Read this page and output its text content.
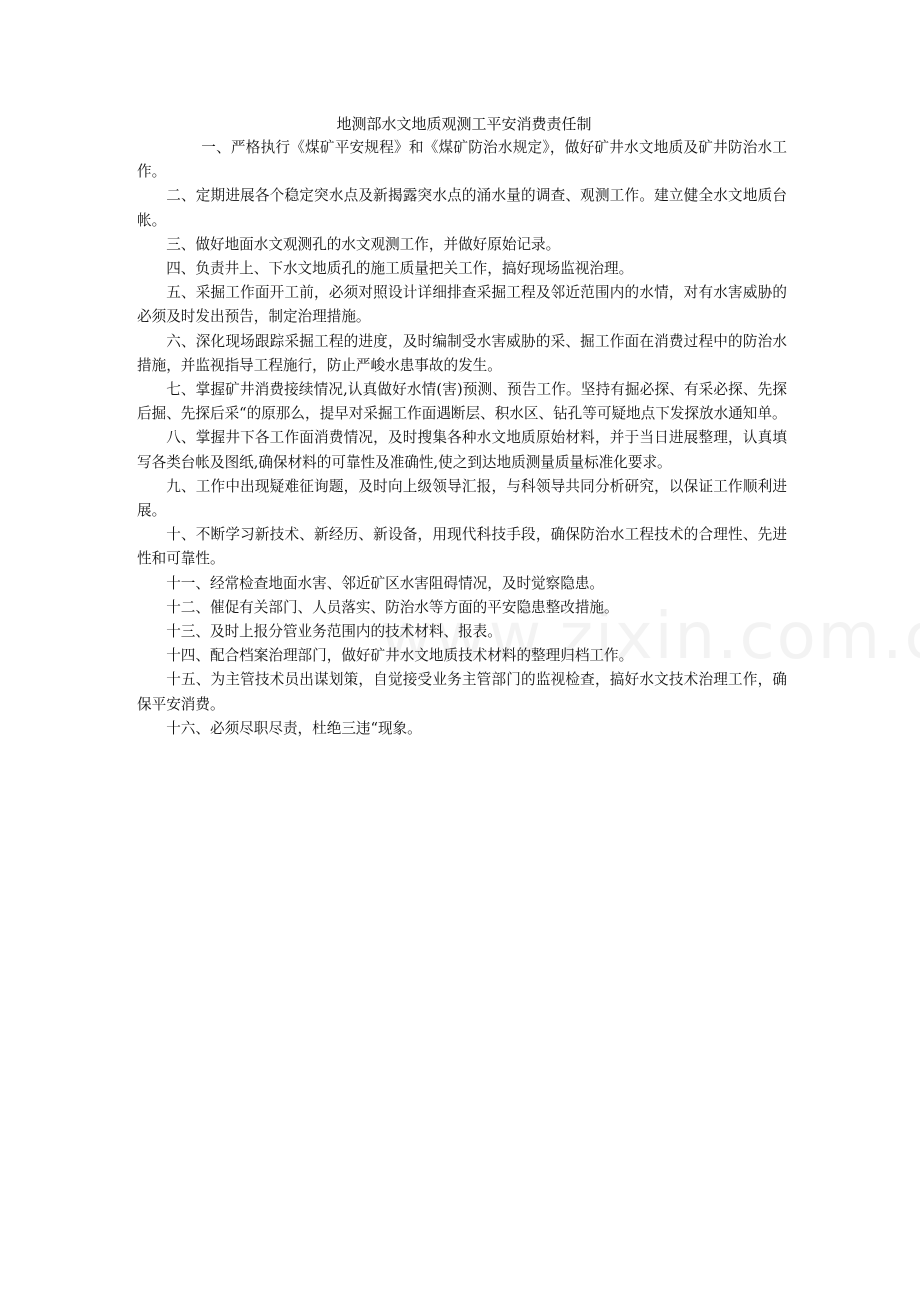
地测部水文地质观测工平安消费责任制

一、严格执行《煤矿平安规程》和《煤矿防治水规定》，做好矿井水文地质及矿井防治水工作。

二、定期进展各个稳定突水点及新揭露突水点的涌水量的调查、观测工作。建立健全水文地质台帐。

三、做好地面水文观测孔的水文观测工作，并做好原始记录。

四、负责井上、下水文地质孔的施工质量把关工作，搞好现场监视治理。

五、采掘工作面开工前，必须对照设计详细排查采掘工程及邻近范围内的水情，对有水害威胁的必须及时发出预告，制定治理措施。

六、深化现场跟踪采掘工程的进度，及时编制受水害威胁的采、掘工作面在消费过程中的防治水措施，并监视指导工程施行，防止严峻水患事故的发生。

七、掌握矿井消费接续情况,认真做好水情(害)预测、预告工作。坚持有掘必探、有采必探、先探后掘、先探后采“的原那么，提早对采掘工作面遇断层、积水区、钻孔等可疑地点下发探放水通知单。

八、掌握井下各工作面消费情况，及时搜集各种水文地质原始材料，并于当日进展整理，认真填写各类台帐及图纸,确保材料的可靠性及准确性,使之到达地质测量质量标准化要求。

九、工作中出现疑难征询题，及时向上级领导汇报，与科领导共同分析研究，以保证工作顺利进展。

十、不断学习新技术、新经历、新设备，用现代科技手段，确保防治水工程技术的合理性、先进性和可靠性。

十一、经常检查地面水害、邻近矿区水害阻碍情况，及时觉察隐患。

十二、催促有关部门、人员落实、防治水等方面的平安隐患整改措施。

十三、及时上报分管业务范围内的技术材料、报表。

十四、配合档案治理部门，做好矿井水文地质技术材料的整理归档工作。

十五、为主管技术员出谋划策，自觉接受业务主管部门的监视检查，搞好水文技术治理工作，确保平安消费。

十六、必须尽职尽责，杜绝三违“现象。
